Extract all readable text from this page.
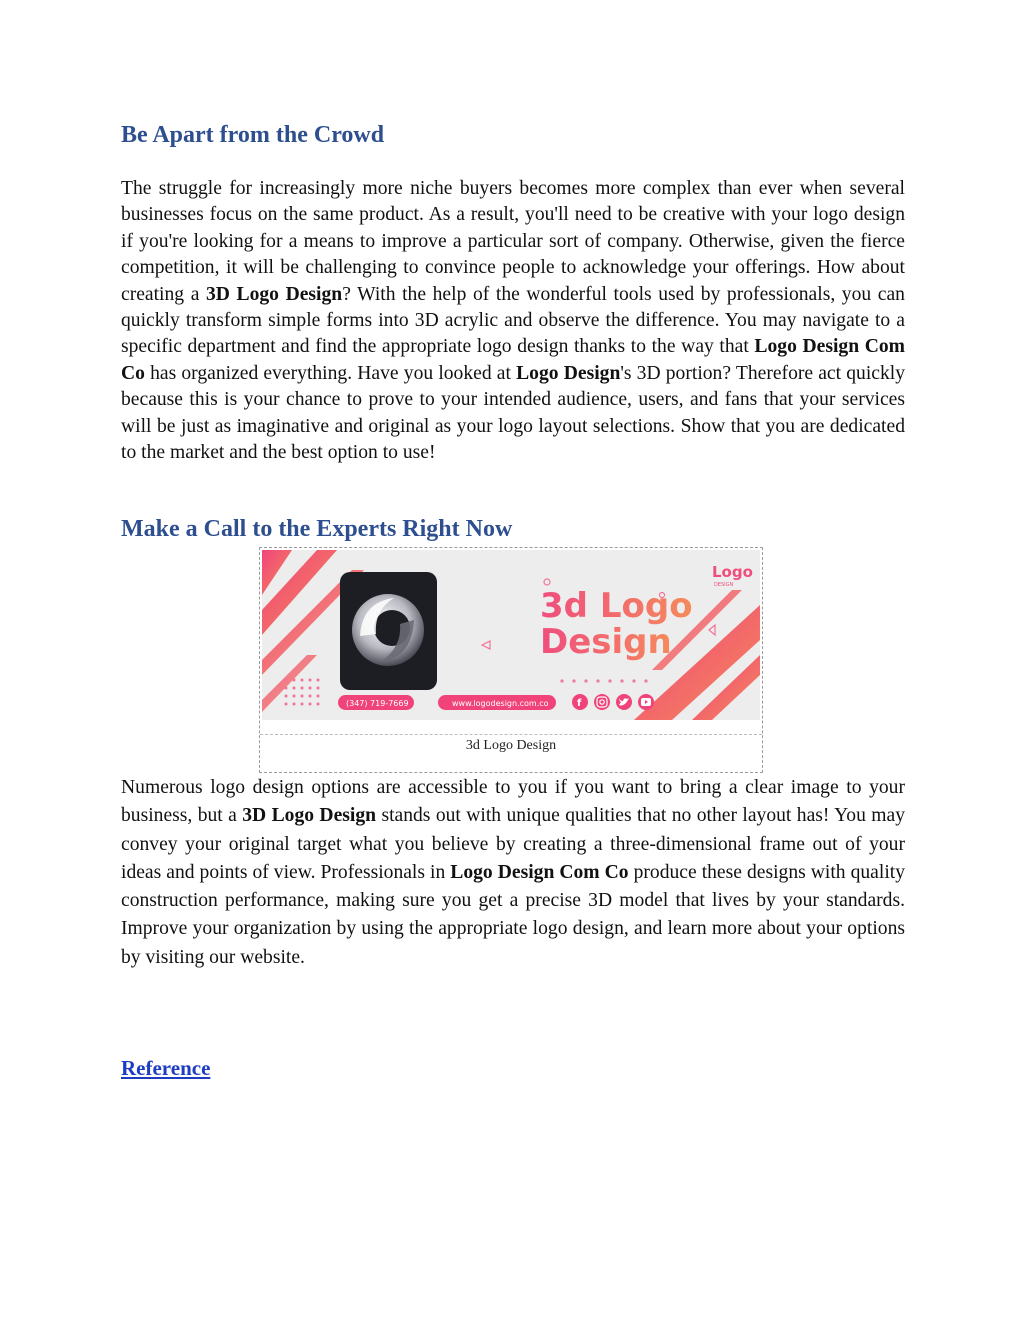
Be Apart from the Crowd

The struggle for increasingly more niche buyers becomes more complex than ever when several businesses focus on the same product. As a result, you'll need to be creative with your logo design if you're looking for a means to improve a particular sort of company. Otherwise, given the fierce competition, it will be challenging to convince people to acknowledge your offerings. How about creating a 3D Logo Design? With the help of the wonderful tools used by professionals, you can quickly transform simple forms into 3D acrylic and observe the difference. You may navigate to a specific department and find the appropriate logo design thanks to the way that Logo Design Com Co has organized everything. Have you looked at Logo Design's 3D portion? Therefore act quickly because this is your chance to prove to your intended audience, users, and fans that your services will be just as imaginative and original as your logo layout selections. Show that you are dedicated to the market and the best option to use!

Make a Call to the Experts Right Now
3d Logo
Design
Logo
DESIGN
(347) 719-7669	www.logodesign.com.co	f
3d Logo Design

Numerous logo design options are accessible to you if you want to bring a clear image to your business, but a 3D Logo Design stands out with unique qualities that no other layout has! You may convey your original target what you believe by creating a three-dimensional frame out of your ideas and points of view. Professionals in Logo Design Com Co produce these designs with quality construction performance, making sure you get a precise 3D model that lives by your standards. Improve your organization by using the appropriate logo design, and learn more about your options by visiting our website.

Reference
